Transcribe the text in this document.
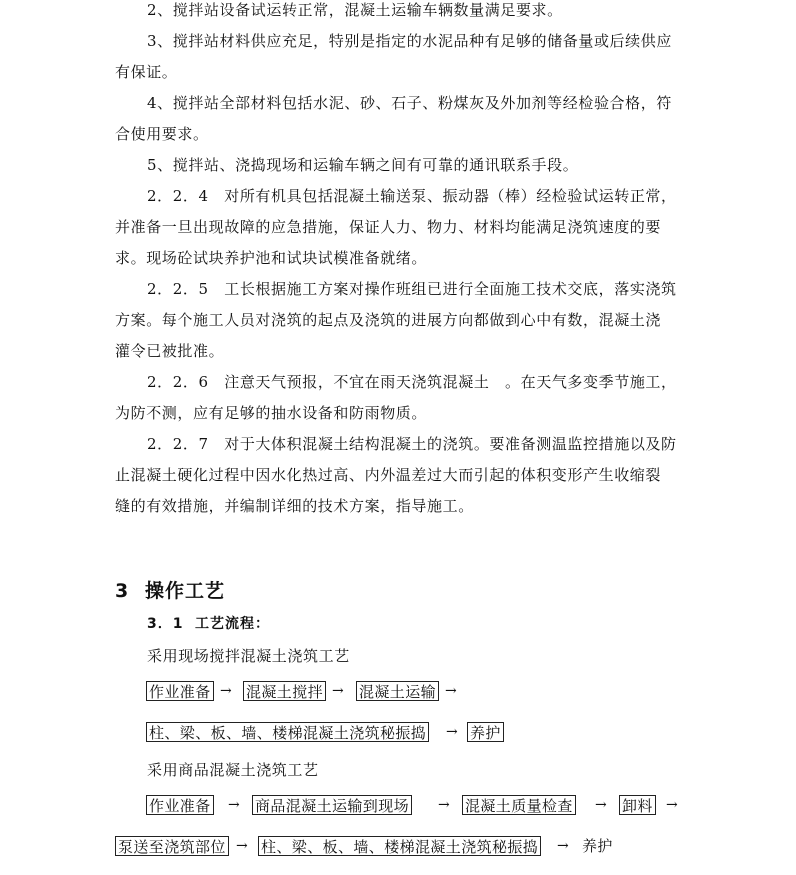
2、搅拌站设备试运转正常，混凝土运输车辆数量满足要求。
3、搅拌站材料供应充足，特别是指定的水泥品种有足够的储备量或后续供应
有保证。
4、搅拌站全部材料包括水泥、砂、石子、粉煤灰及外加剂等经检验合格，符
合使用要求。
5、搅拌站、浇捣现场和运输车辆之间有可靠的通讯联系手段。
2．2．4　对所有机具包括混凝土输送泵、振动器（棒）经检验试运转正常，
并准备一旦出现故障的应急措施，保证人力、物力、材料均能满足浇筑速度的要
求。现场砼试块养护池和试块试模准备就绪。
2．2．5　工长根据施工方案对操作班组已进行全面施工技术交底，落实浇筑
方案。每个施工人员对浇筑的起点及浇筑的进展方向都做到心中有数，混凝土浇
灌令已被批准。
2．2．6　注意天气预报，不宜在雨天浇筑混凝土　。在天气多变季节施工，
为防不测，应有足够的抽水设备和防雨物质。
2．2．7　对于大体积混凝土结构混凝土的浇筑。要准备测温监控措施以及防
止混凝土硬化过程中因水化热过高、内外温差过大而引起的体积变形产生收缩裂
缝的有效措施，并编制详细的技术方案，指导施工。
3 操作工艺
3．1 工艺流程：
采用现场搅拌混凝土浇筑工艺
作业准备 → 混凝土搅拌 → 混凝土运输 →
柱、梁、板、墙、楼梯混凝土浇筑秘振捣 → 养护
采用商品混凝土浇筑工艺
作业准备 → 商品混凝土运输到现场 → 混凝土质量检查 → 卸料 →
泵送至浇筑部位 → 柱、梁、板、墙、楼梯混凝土浇筑秘振捣 → 养护
